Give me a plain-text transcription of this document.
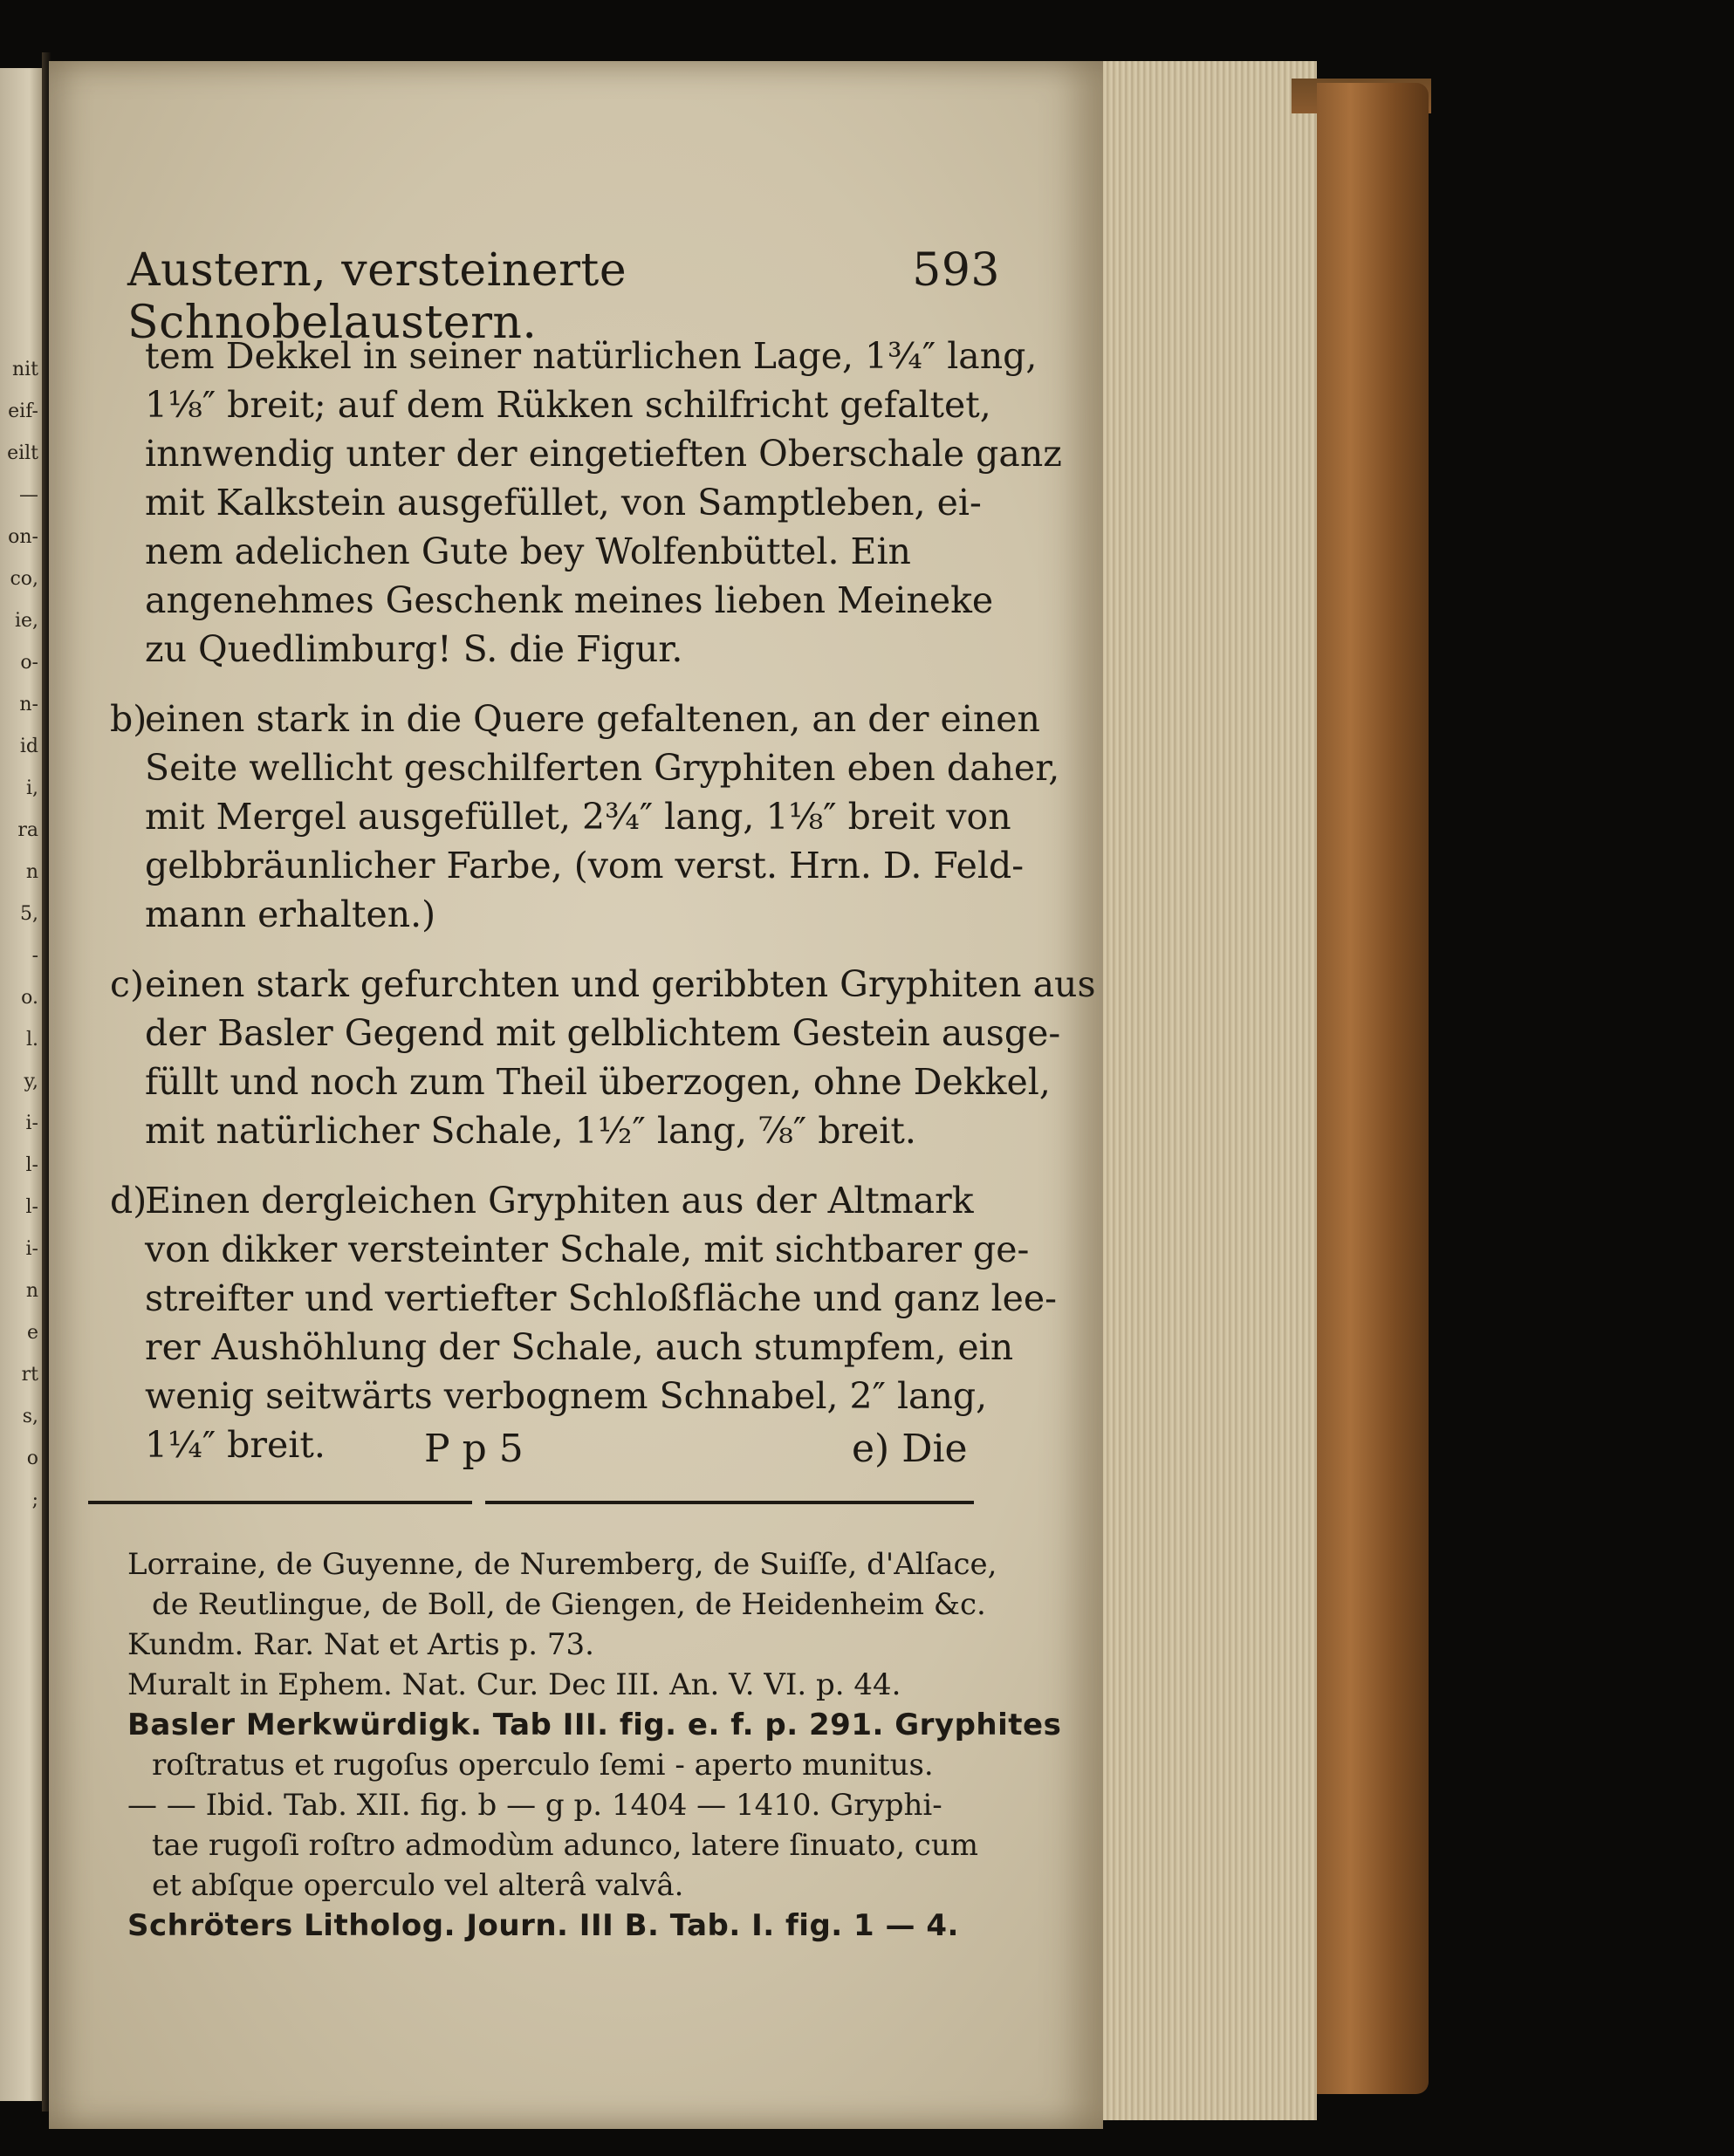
nit
eif-
eilt
—
on-
co,
ie,
o-
n-
id
i,
ra
n
5,
-
o.
l.
y,
i-
l-
l-
i-
n
e
rt
s,
o
;
Austern, versteinerte Schnobelaustern.
593
tem Dekkel in seiner natürlichen Lage, 1¾″ lang,
1⅛″ breit; auf dem Rükken schilfricht gefaltet,
innwendig unter der eingetieften Oberschale ganz
mit Kalkstein ausgefüllet, von Samptleben, ei-
nem adelichen Gute bey Wolfenbüttel. Ein
angenehmes Geschenk meines lieben Meineke
zu Quedlimburg! S. die Figur.
b)einen stark in die Quere gefaltenen, an der einen
Seite wellicht geschilferten Gryphiten eben daher,
mit Mergel ausgefüllet, 2¾″ lang, 1⅛″ breit von
gelbbräunlicher Farbe, (vom verst. Hrn. D. Feld-
mann erhalten.)
c)einen stark gefurchten und geribbten Gryphiten aus
der Basler Gegend mit gelblichtem Gestein ausge-
füllt und noch zum Theil überzogen, ohne Dekkel,
mit natürlicher Schale, 1½″ lang, ⅞″ breit.
d)Einen dergleichen Gryphiten aus der Altmark
von dikker versteinter Schale, mit sichtbarer ge-
streifter und vertiefter Schloßfläche und ganz lee-
rer Aushöhlung der Schale, auch stumpfem, ein
wenig seitwärts verbognem Schnabel, 2″ lang,
1¼″ breit.	P p 5	e) Die
Lorraine, de Guyenne, de Nuremberg, de Suiſſe, d'Alſace,
de Reutlingue, de Boll, de Giengen, de Heidenheim &c.
Kundm. Rar. Nat et Artis p. 73.
Muralt in Ephem. Nat. Cur. Dec III. An. V. VI. p. 44.
Basler Merkwürdigk. Tab III. fig. e. f. p. 291. Gryphites
roſtratus et rugoſus operculo ſemi - aperto munitus.
— — Ibid. Tab. XII. fig. b — g p. 1404 — 1410. Gryphi-
tae rugoſi roſtro admodùm adunco, latere ſinuato, cum
et abſque operculo vel alterâ valvâ.
Schröters Litholog. Journ. III B. Tab. I. fig. 1 — 4.
